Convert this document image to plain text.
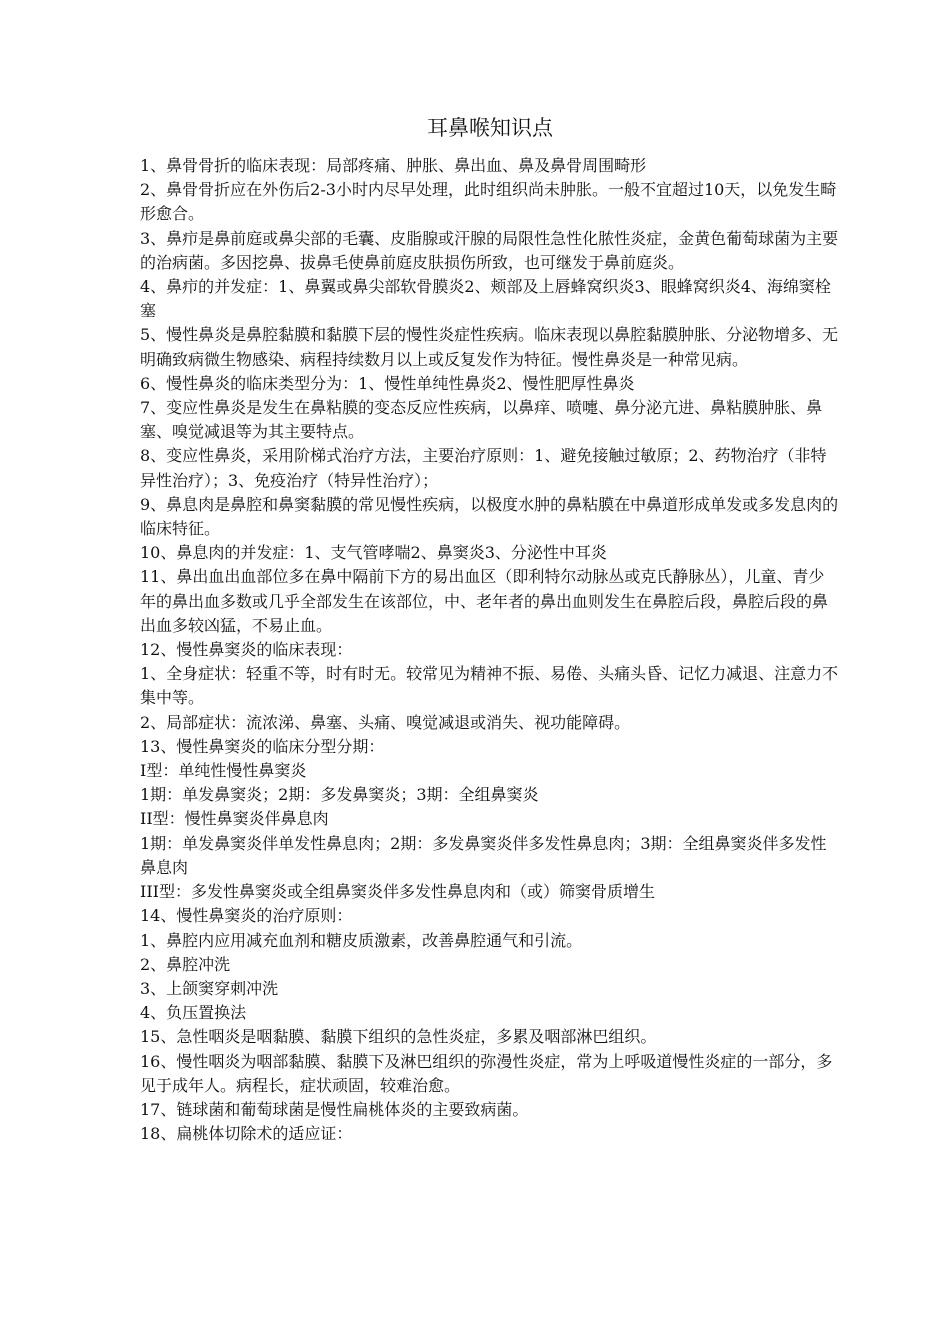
耳鼻喉知识点

1、鼻骨骨折的临床表现：局部疼痛、肿胀、鼻出血、鼻及鼻骨周围畸形

2、鼻骨骨折应在外伤后2-3小时内尽早处理，此时组织尚未肿胀。一般不宜超过10天，以免发生畸形愈合。

3、鼻疖是鼻前庭或鼻尖部的毛囊、皮脂腺或汗腺的局限性急性化脓性炎症，金黄色葡萄球菌为主要的治病菌。多因挖鼻、拔鼻毛使鼻前庭皮肤损伤所致，也可继发于鼻前庭炎。

4、鼻疖的并发症：1、鼻翼或鼻尖部软骨膜炎2、颊部及上唇蜂窝织炎3、眼蜂窝织炎4、海绵窦栓塞

5、慢性鼻炎是鼻腔黏膜和黏膜下层的慢性炎症性疾病。临床表现以鼻腔黏膜肿胀、分泌物增多、无明确致病微生物感染、病程持续数月以上或反复发作为特征。慢性鼻炎是一种常见病。

6、慢性鼻炎的临床类型分为：1、慢性单纯性鼻炎2、慢性肥厚性鼻炎

7、变应性鼻炎是发生在鼻粘膜的变态反应性疾病，以鼻痒、喷嚏、鼻分泌亢进、鼻粘膜肿胀、鼻塞、嗅觉减退等为其主要特点。

8、变应性鼻炎，采用阶梯式治疗方法，主要治疗原则：1、避免接触过敏原；2、药物治疗（非特异性治疗）；3、免疫治疗（特异性治疗）；

9、鼻息肉是鼻腔和鼻窦黏膜的常见慢性疾病，以极度水肿的鼻粘膜在中鼻道形成单发或多发息肉的临床特征。

10、鼻息肉的并发症：1、支气管哮喘2、鼻窦炎3、分泌性中耳炎

11、鼻出血出血部位多在鼻中隔前下方的易出血区（即利特尔动脉丛或克氏静脉丛），儿童、青少年的鼻出血多数或几乎全部发生在该部位，中、老年者的鼻出血则发生在鼻腔后段，鼻腔后段的鼻出血多较凶猛，不易止血。

12、慢性鼻窦炎的临床表现：

1、全身症状：轻重不等，时有时无。较常见为精神不振、易倦、头痛头昏、记忆力减退、注意力不集中等。

2、局部症状：流浓涕、鼻塞、头痛、嗅觉减退或消失、视功能障碍。

13、慢性鼻窦炎的临床分型分期：

Ⅰ型：单纯性慢性鼻窦炎

1期：单发鼻窦炎；2期：多发鼻窦炎；3期：全组鼻窦炎

II型：慢性鼻窦炎伴鼻息肉

1期：单发鼻窦炎伴单发性鼻息肉；2期：多发鼻窦炎伴多发性鼻息肉；3期：全组鼻窦炎伴多发性鼻息肉

III型：多发性鼻窦炎或全组鼻窦炎伴多发性鼻息肉和（或）筛窦骨质增生

14、慢性鼻窦炎的治疗原则：

1、鼻腔内应用减充血剂和糖皮质激素，改善鼻腔通气和引流。

2、鼻腔冲洗

3、上颌窦穿刺冲洗

4、负压置换法

15、急性咽炎是咽黏膜、黏膜下组织的急性炎症，多累及咽部淋巴组织。

16、慢性咽炎为咽部黏膜、黏膜下及淋巴组织的弥漫性炎症，常为上呼吸道慢性炎症的一部分，多见于成年人。病程长，症状顽固，较难治愈。

17、链球菌和葡萄球菌是慢性扁桃体炎的主要致病菌。

18、扁桃体切除术的适应证：
